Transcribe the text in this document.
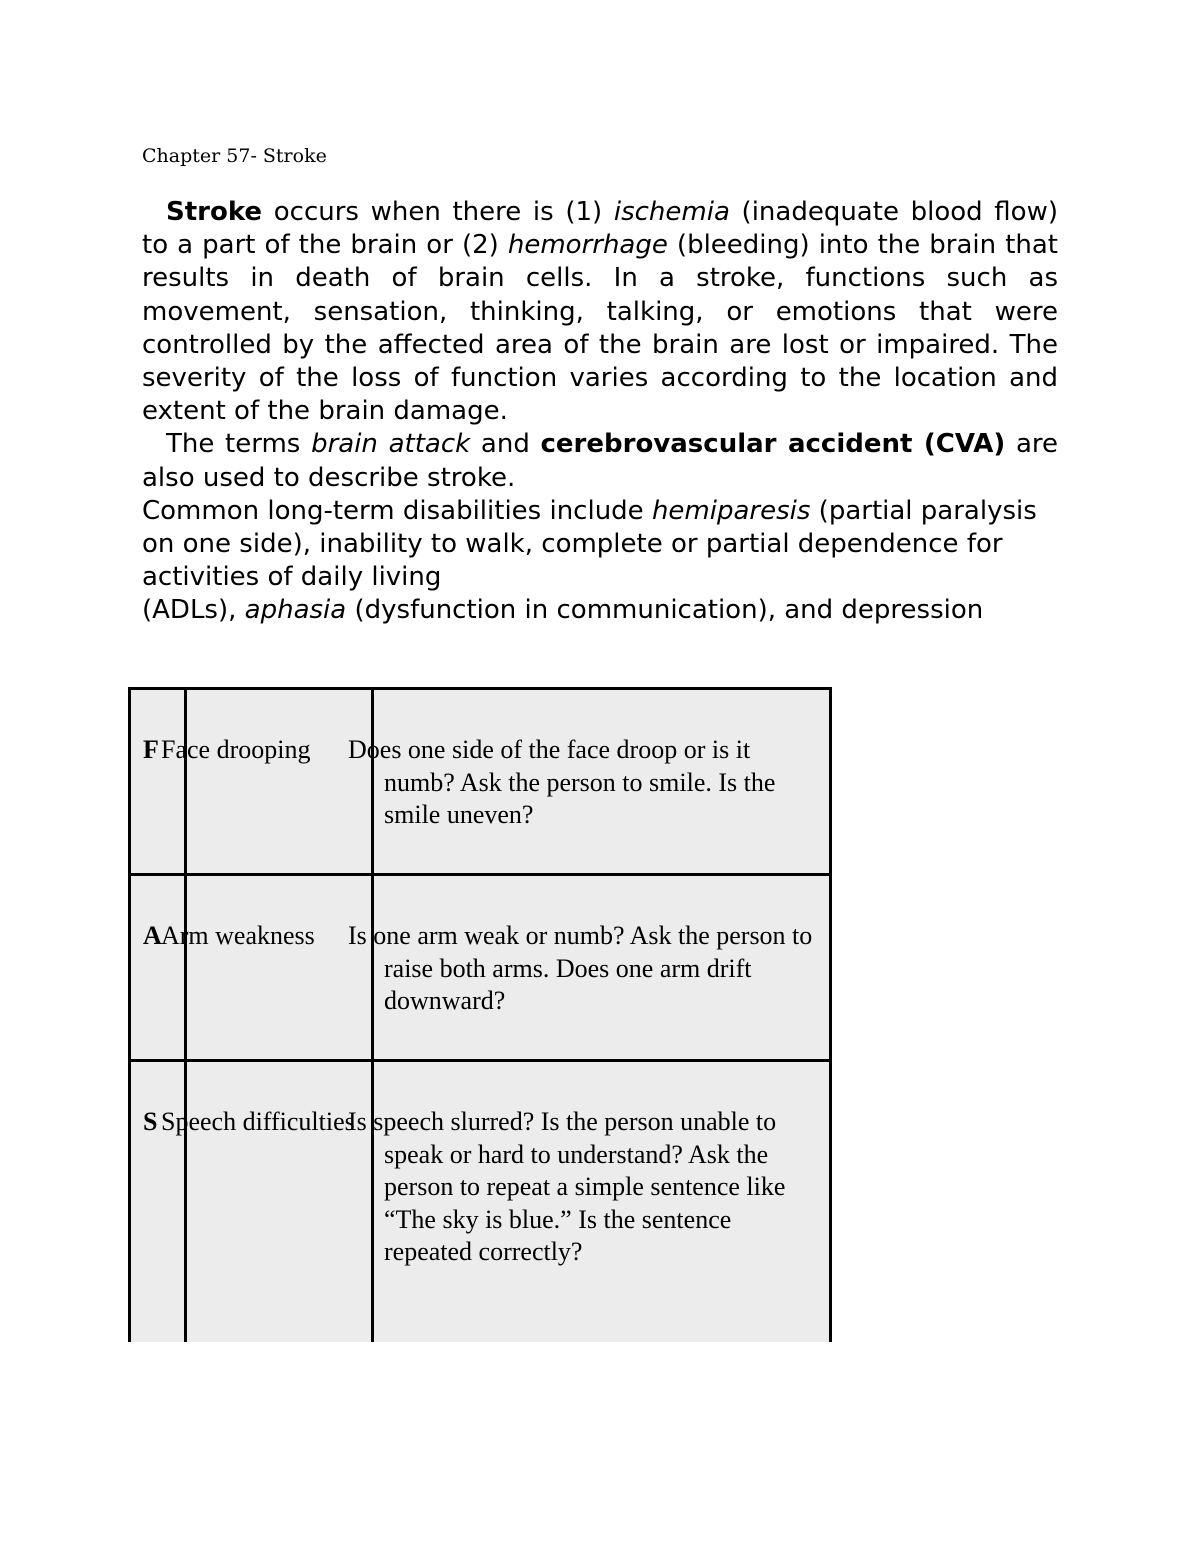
Chapter 57- Stroke

Stroke occurs when there is (1) ischemia (inadequate blood flow) to a part of the brain or (2) hemorrhage (bleeding) into the brain that results in death of brain cells. In a stroke, functions such as movement, sensation, thinking, talking, or emotions that were controlled by the affected area of the brain are lost or impaired. The severity of the loss of function varies according to the location and extent of the brain damage.

The terms brain attack and cerebrovascular accident (CVA) are also used to describe stroke.

Common long-term disabilities include hemiparesis (partial paralysis on one side), inability to walk, complete or partial dependence for activities of daily living
(ADLs), aphasia (dysfunction in communication), and depression

F	Face drooping	Does one side of the face droop or is it numb? Ask the person to smile. Is the smile uneven?
A	Arm weakness	Is one arm weak or numb? Ask the person to raise both arms. Does one arm drift downward?
S	Speech difficulties	Is speech slurred? Is the person unable to speak or hard to understand? Ask the person to repeat a simple sentence like “The sky is blue.” Is the sentence repeated correctly?
